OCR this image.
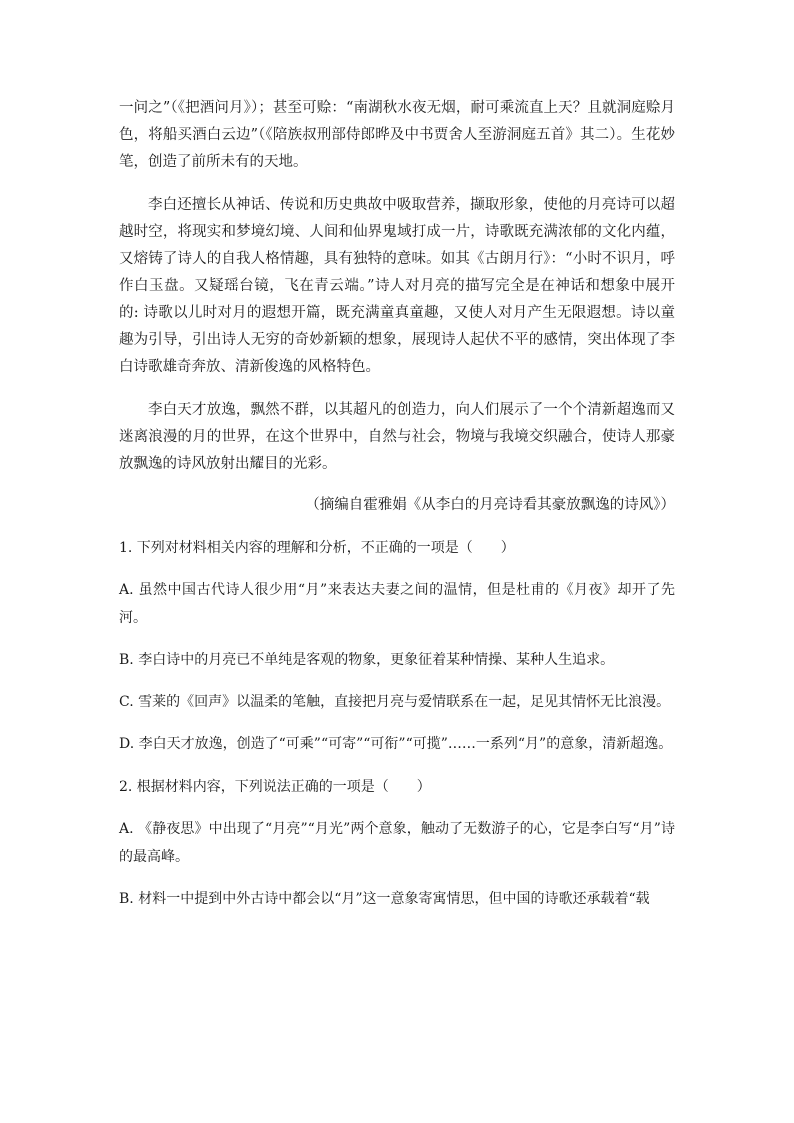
一问之”（《把酒问月》）；甚至可赊：“南湖秋水夜无烟，耐可乘流直上天？且就洞庭赊月色，将船买酒白云边”（《陪族叔刑部侍郎晔及中书贾舍人至游洞庭五首》其二）。生花妙笔，创造了前所未有的天地。

李白还擅长从神话、传说和历史典故中吸取营养，撷取形象，使他的月亮诗可以超越时空，将现实和梦境幻境、人间和仙界鬼域打成一片，诗歌既充满浓郁的文化内蕴，又熔铸了诗人的自我人格情趣，具有独特的意味。如其《古朗月行》：“小时不识月，呼作白玉盘。又疑瑶台镜，飞在青云端。”诗人对月亮的描写完全是在神话和想象中展开的: 诗歌以儿时对月的遐想开篇，既充满童真童趣，又使人对月产生无限遐想。诗以童趣为引导，引出诗人无穷的奇妙新颖的想象，展现诗人起伏不平的感情，突出体现了李白诗歌雄奇奔放、清新俊逸的风格特色。

李白天才放逸，飘然不群，以其超凡的创造力，向人们展示了一个个清新超逸而又迷离浪漫的月的世界，在这个世界中，自然与社会，物境与我境交织融合，使诗人那豪放飘逸的诗风放射出耀目的光彩。

（摘编自霍雅娟《从李白的月亮诗看其豪放飘逸的诗风》）
1. 下列对材料相关内容的理解和分析，不正确的一项是（　　）
A. 虽然中国古代诗人很少用“月”来表达夫妻之间的温情，但是杜甫的《月夜》却开了先河。
B. 李白诗中的月亮已不单纯是客观的物象，更象征着某种情操、某种人生追求。
C. 雪莱的《回声》以温柔的笔触，直接把月亮与爱情联系在一起，足见其情怀无比浪漫。
D. 李白天才放逸，创造了“可乘”“可寄”“可衔”“可揽”……一系列“月”的意象，清新超逸。
2. 根据材料内容，下列说法正确的一项是（　　）
A. 《静夜思》中出现了“月亮”“月光”两个意象，触动了无数游子的心，它是李白写“月”诗的最高峰。
B. 材料一中提到中外古诗中都会以“月”这一意象寄寓情思，但中国的诗歌还承载着“载
